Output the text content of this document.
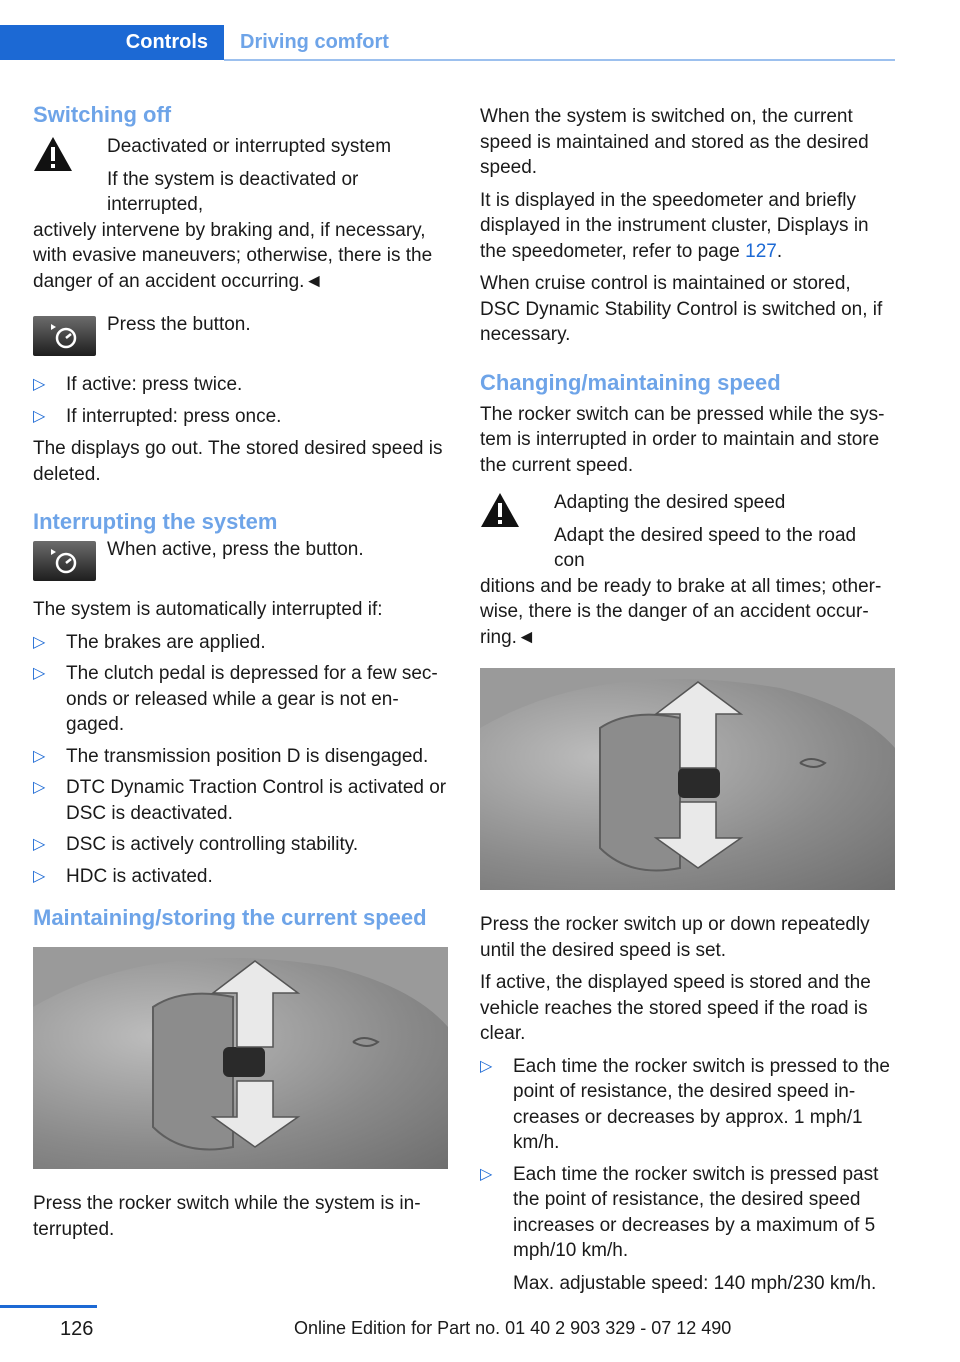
Controls	Driving comfort
Switching off

Deactivated or interrupted system

If the system is deactivated or interrupted,

actively intervene by braking and, if necessary, with evasive maneuvers; otherwise, there is the danger of an accident occurring.◄

Press the button.
▷ If active: press twice.
▷ If interrupted: press once.

The displays go out. The stored desired speed is deleted.

Interrupting the system
When active, press the button.

The system is automatically interrupted if:

▷ The brakes are applied.
▷ The clutch pedal is depressed for a few seconds or released while a gear is not engaged.
▷ The transmission position D is disengaged.
▷ DTC Dynamic Traction Control is activated or DSC is deactivated.
▷ DSC is actively controlling stability.
▷ HDC is activated.
Maintaining/storing the current speed

Press the rocker switch while the system is interrupted.

When the system is switched on, the current speed is maintained and stored as the desired speed.

It is displayed in the speedometer and briefly displayed in the instrument cluster, Displays in the speedometer, refer to page 127.

When cruise control is maintained or stored, DSC Dynamic Stability Control is switched on, if necessary.

Changing/maintaining speed

The rocker switch can be pressed while the system is interrupted in order to maintain and store the current speed.

Adapting the desired speed

Adapt the desired speed to the road con

ditions and be ready to brake at all times; otherwise, there is the danger of an accident occurring.◄

Press the rocker switch up or down repeatedly until the desired speed is set.

If active, the displayed speed is stored and the vehicle reaches the stored speed if the road is clear.

▷ Each time the rocker switch is pressed to the point of resistance, the desired speed increases or decreases by approx. 1 mph/1 km/h.
▷ Each time the rocker switch is pressed past the point of resistance, the desired speed increases or decreases by a maximum of 5 mph/10 km/h.

Max. adjustable speed: 140 mph/230 km/h.

126	Online Edition for Part no. 01 40 2 903 329 - 07 12 490
